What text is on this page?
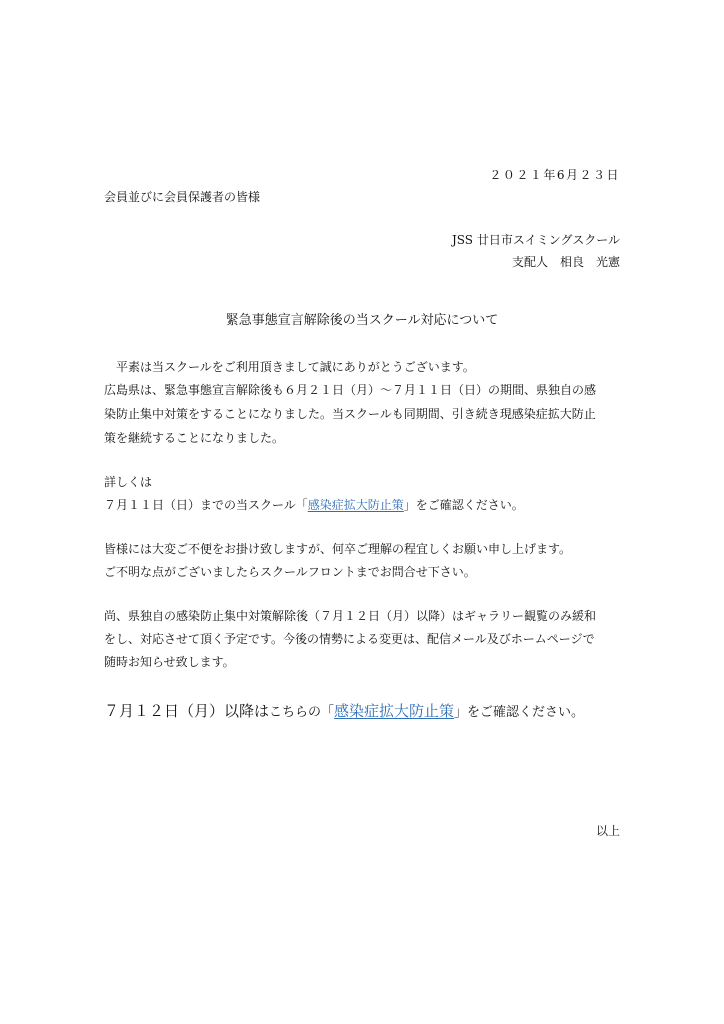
２０２１年6月２３日
会員並びに会員保護者の皆様
JSS 廿日市スイミングスクール
支配人　相良　光憲
緊急事態宣言解除後の当スクール対応について
平素は当スクールをご利用頂きまして誠にありがとうございます。
広島県は、緊急事態宣言解除後も６月２１日（月）～７月１１日（日）の期間、県独自の感
染防止集中対策をすることになりました。当スクールも同期間、引き続き現感染症拡大防止
策を継続することになりました。
詳しくは
７月１１日（日）までの当スクール「感染症拡大防止策」をご確認ください。
皆様には大変ご不便をお掛け致しますが、何卒ご理解の程宜しくお願い申し上げます。
ご不明な点がございましたらスクールフロントまでお問合せ下さい。
尚、県独自の感染防止集中対策解除後（７月１２日（月）以降）はギャラリー観覧のみ緩和
をし、対応させて頂く予定です。今後の情勢による変更は、配信メール及びホームページで
随時お知らせ致します。
７月１２日（月）以降はこちらの「感染症拡大防止策」をご確認ください。
以上
